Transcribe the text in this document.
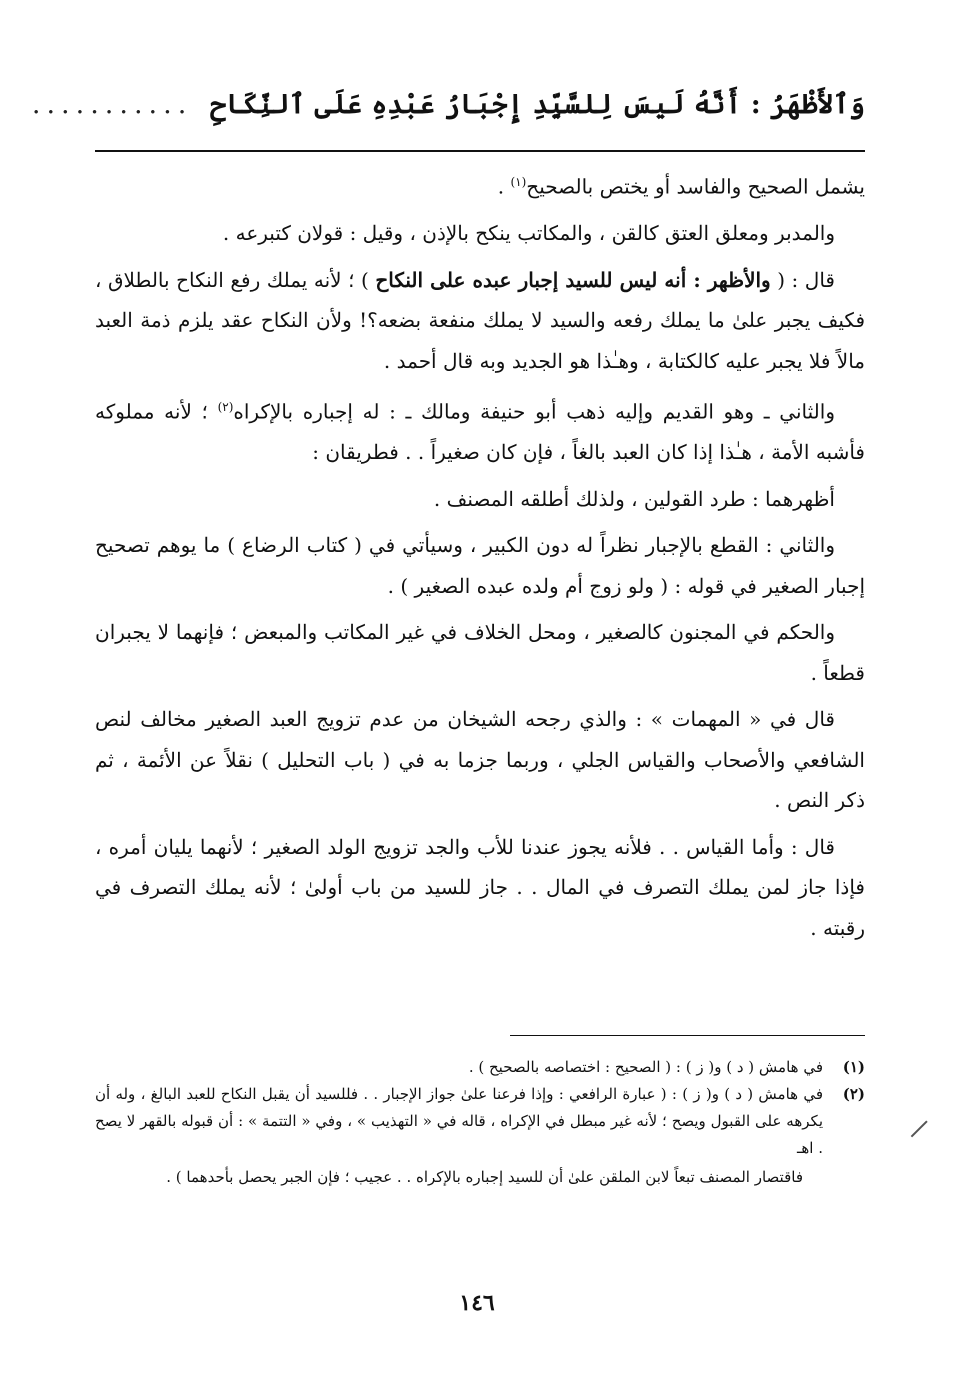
وَٱلأَظْهَرُ : أَنَّهُ لَيسَ لِلسَّيِّدِ إِجْبَارُ عَبْدِهِ عَلَى ٱلنِّكَاحِ
...........

يشمل الصحيح والفاسد أو يختص بالصحيح$^{(١)}$ .

والمدبر ومعلق العتق كالقن ، والمكاتب ينكح بالإذن ، وقيل : قولان كتبرعه .

قال : ( والأظهر : أنه ليس للسيد إجبار عبده على النكاح ) ؛ لأنه يملك رفع النكاح بالطلاق ، فكيف يجبر علىٰ ما يملك رفعه والسيد لا يملك منفعة بضعه؟! ولأن النكاح عقد يلزم ذمة العبد مالاً فلا يجبر عليه كالكتابة ، وهـٰذا هو الجديد وبه قال أحمد .

والثاني ـ وهو القديم وإليه ذهب أبو حنيفة ومالك ـ : له إجباره بالإكراه$^{(٢)}$ ؛ لأنه مملوكه فأشبه الأمة ، هـٰذا إذا كان العبد بالغاً ، فإن كان صغيراً . . فطريقان :

أظهرهما : طرد القولين ، ولذلك أطلقه المصنف .

والثاني : القطع بالإجبار نظراً له دون الكبير ، وسيأتي في ( كتاب الرضاع ) ما يوهم تصحيح إجبار الصغير في قوله : ( ولو زوج أم ولده عبده الصغير ) .

والحكم في المجنون كالصغير ، ومحل الخلاف في غير المكاتب والمبعض ؛ فإنهما لا يجبران قطعاً .

قال في « المهمات » : والذي رجحه الشيخان من عدم تزويج العبد الصغير مخالف لنص الشافعي والأصحاب والقياس الجلي ، وربما جزما به في ( باب التحليل ) نقلاً عن الأئمة ، ثم ذكر النص .

قال : وأما القياس . . فلأنه يجوز عندنا للأب والجد تزويج الولد الصغير ؛ لأنهما يليان أمره ، فإذا جاز لمن يملك التصرف في المال . . جاز للسيد من باب أولىٰ ؛ لأنه يملك التصرف في رقبته .

(١)
في هامش ( د ) و( ز ) : ( الصحيح : اختصاصه بالصحيح ) .
(٢)
في هامش ( د ) و( ز ) : ( عبارة الرافعي : وإذا فرعنا علىٰ جواز الإجبار . . فللسيد أن يقبل النكاح للعبد البالغ ، وله أن يكرهه على القبول ويصح ؛ لأنه غير مبطل في الإكراه ، قاله في « التهذيب » ، وفي « التتمة » : أن قبوله بالقهر لا يصح . اهـ

فاقتصار المصنف تبعاً لابن الملقن علىٰ أن للسيد إجباره بالإكراه . . عجيب ؛ فإن الجبر يحصل بأحدهما ) .

١٤٦
